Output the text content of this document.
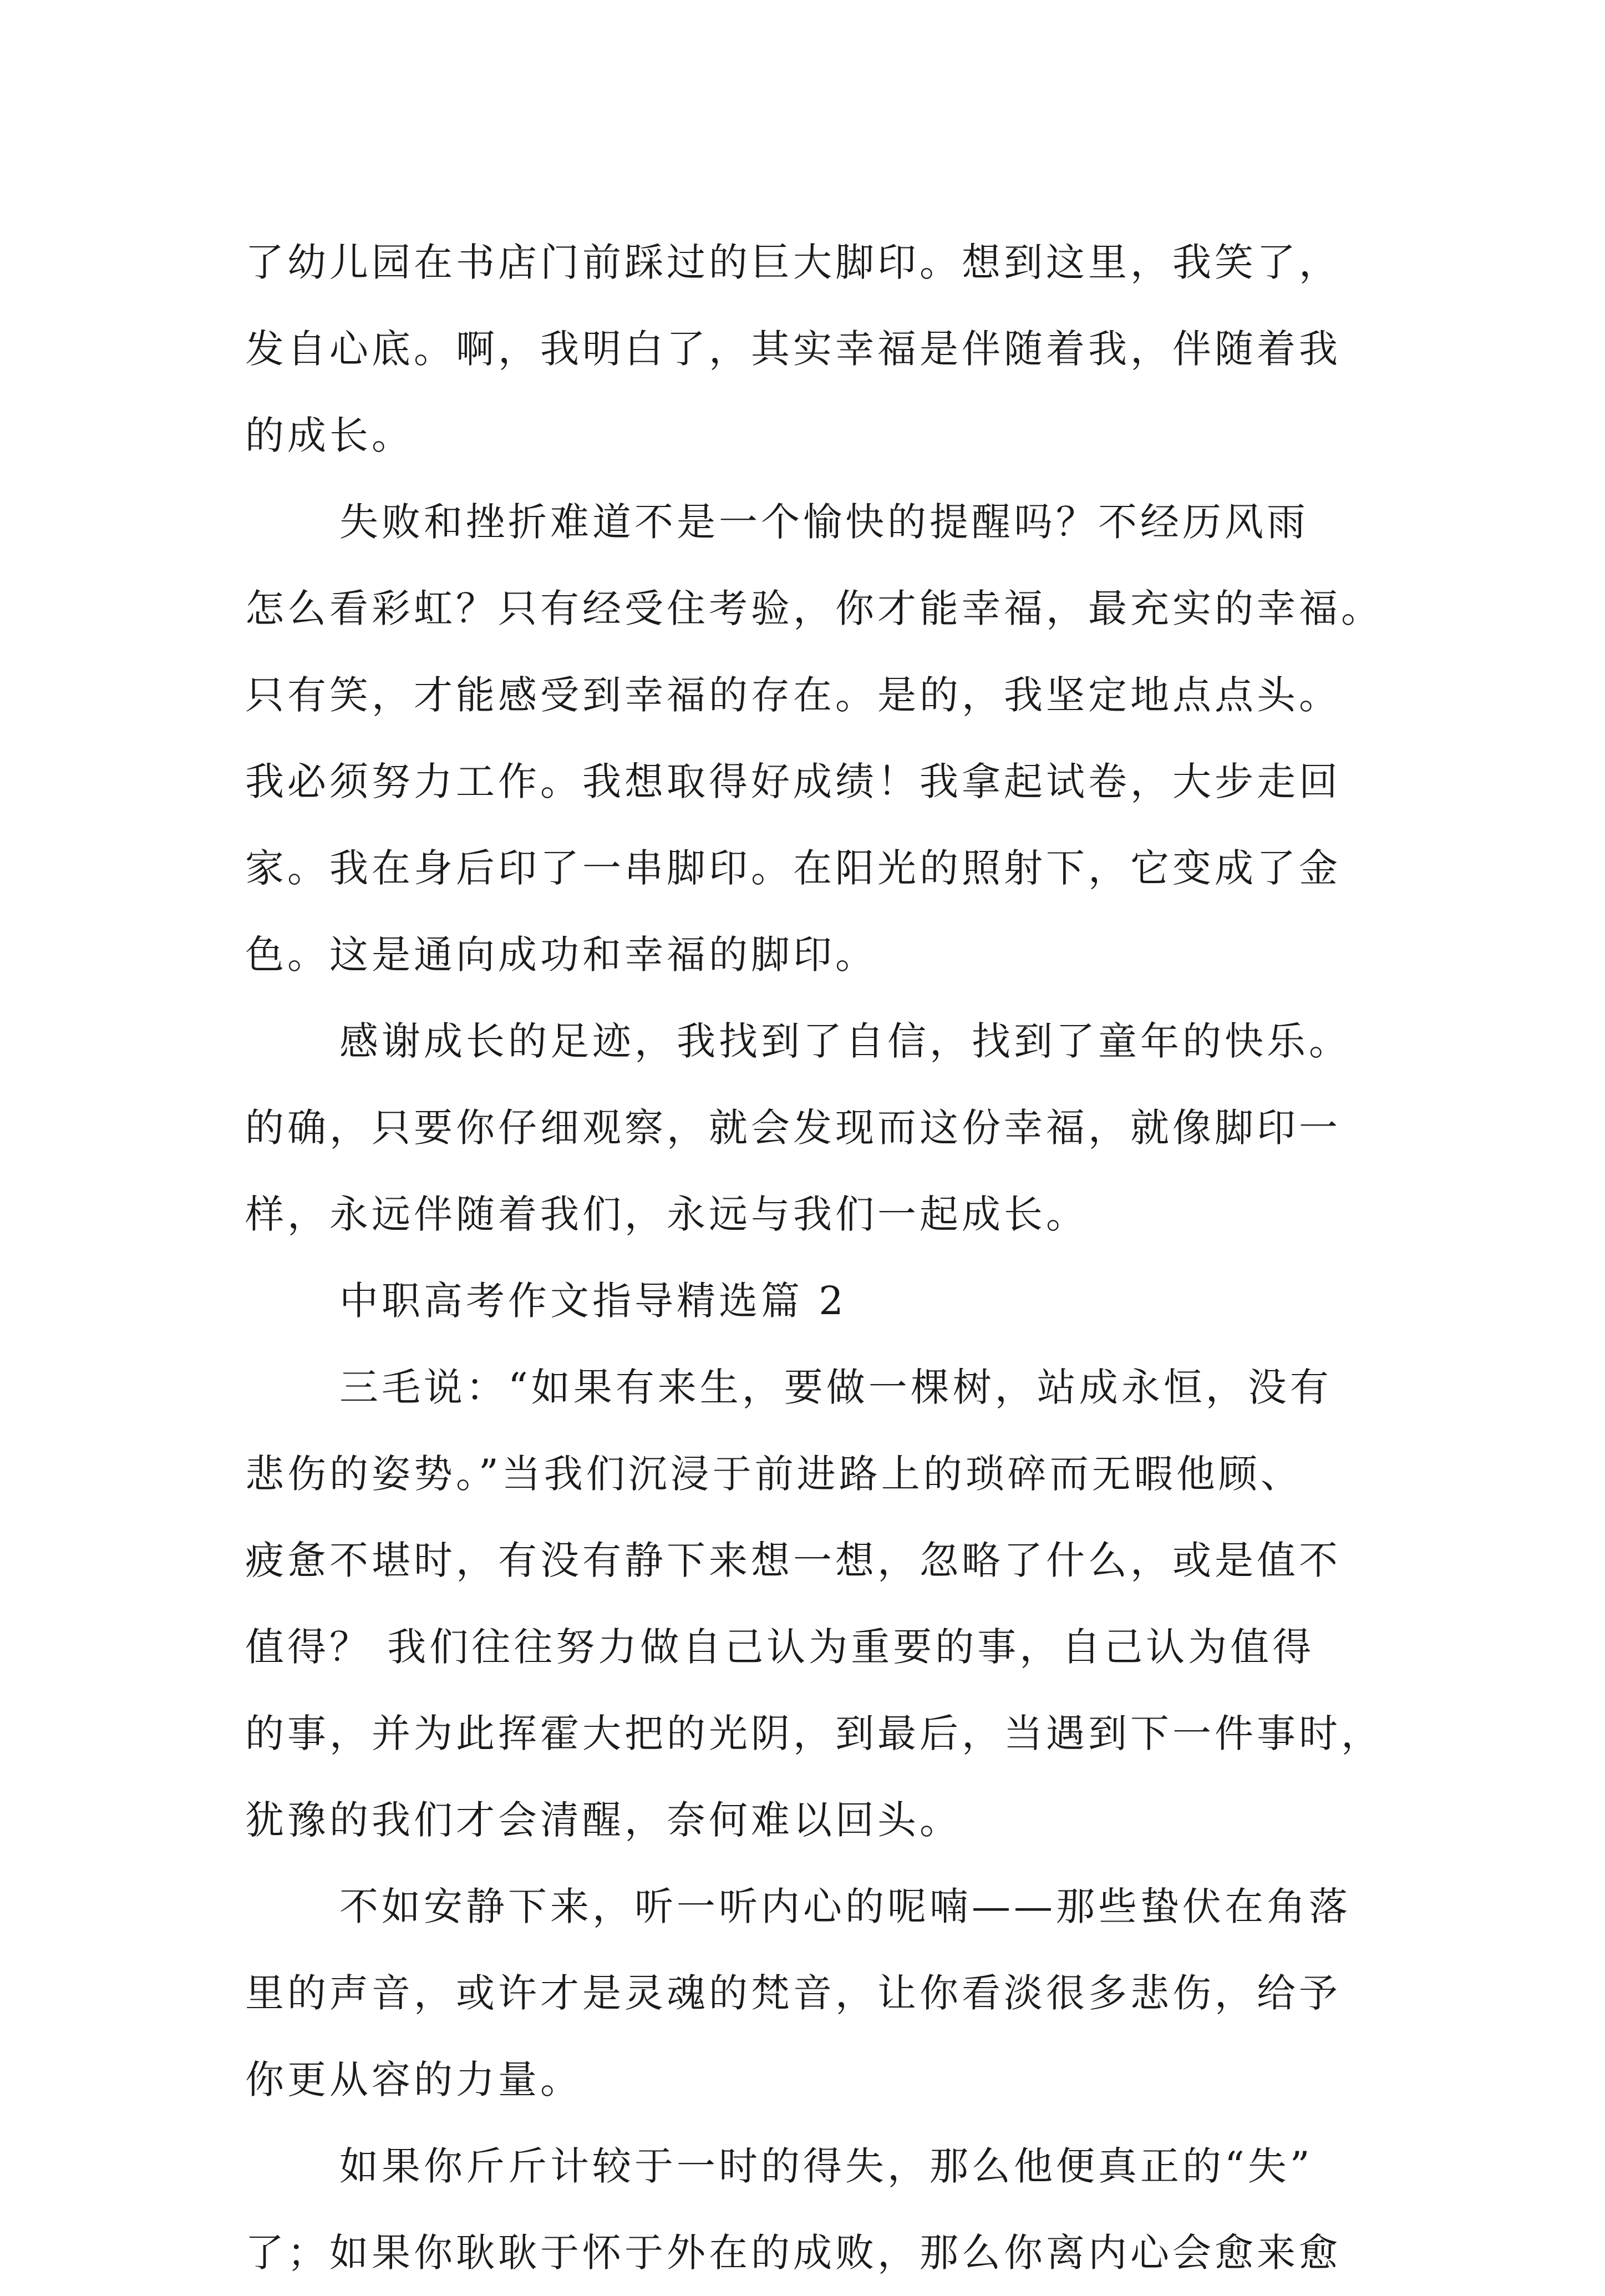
了幼儿园在书店门前踩过的巨大脚印。想到这里，我笑了，
发自心底。啊，我明白了，其实幸福是伴随着我，伴随着我
的成长。

失败和挫折难道不是一个愉快的提醒吗？不经历风雨
怎么看彩虹？只有经受住考验，你才能幸福，最充实的幸福。
只有笑，才能感受到幸福的存在。是的，我坚定地点点头。
我必须努力工作。我想取得好成绩！我拿起试卷，大步走回
家。我在身后印了一串脚印。在阳光的照射下，它变成了金
色。这是通向成功和幸福的脚印。

感谢成长的足迹，我找到了自信，找到了童年的快乐。
的确，只要你仔细观察，就会发现而这份幸福，就像脚印一
样，永远伴随着我们，永远与我们一起成长。

中职高考作文指导精选篇 2

三毛说：“如果有来生，要做一棵树，站成永恒，没有
悲伤的姿势。”当我们沉浸于前进路上的琐碎而无暇他顾、
疲惫不堪时，有没有静下来想一想，忽略了什么，或是值不
值得？ 我们往往努力做自己认为重要的事，自己认为值得
的事，并为此挥霍大把的光阴，到最后，当遇到下一件事时，
犹豫的我们才会清醒，奈何难以回头。

不如安静下来，听一听内心的呢喃——那些蛰伏在角落
里的声音，或许才是灵魂的梵音，让你看淡很多悲伤，给予
你更从容的力量。

如果你斤斤计较于一时的得失，那么他便真正的“失”
了；如果你耿耿于怀于外在的成败，那么你离内心会愈来愈
